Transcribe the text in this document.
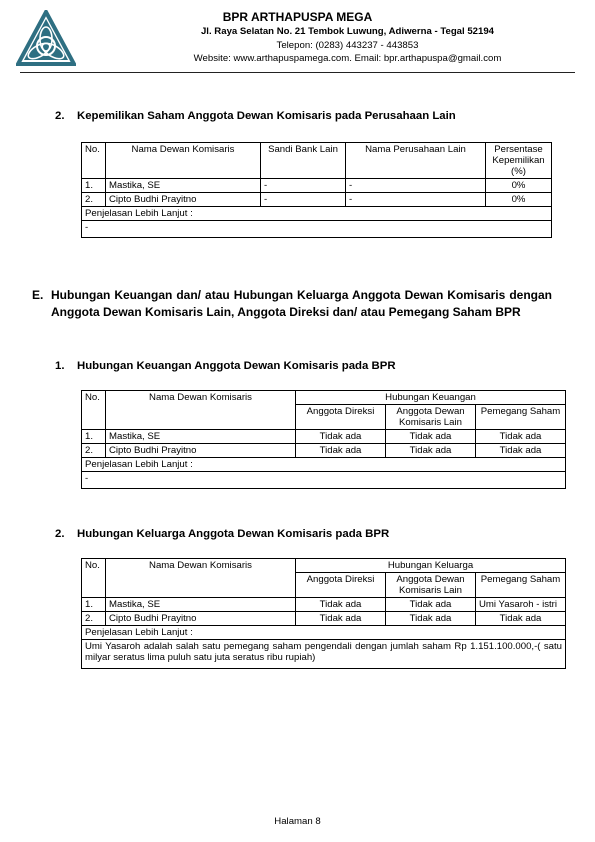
BPR ARTHAPUSPA MEGA
Jl. Raya Selatan No. 21 Tembok Luwung, Adiwerna - Tegal 52194
Telepon: (0283) 443237 - 443853
Website: www.arthapuspamega.com. Email: bpr.arthapuspa@gmail.com
2. Kepemilikan Saham Anggota Dewan Komisaris pada Perusahaan Lain
No.	Nama Dewan Komisaris	Sandi Bank Lain	Nama Perusahaan Lain	Persentase Kepemilikan (%)
1.	Mastika, SE	-	-	0%
2.	Cipto Budhi Prayitno	-	-	0%
Penjelasan Lebih Lanjut :				
-				
E. Hubungan Keuangan dan/ atau Hubungan Keluarga Anggota Dewan Komisaris dengan Anggota Dewan Komisaris Lain, Anggota Direksi dan/ atau Pemegang Saham BPR
1. Hubungan Keuangan Anggota Dewan Komisaris pada BPR
No.	Nama Dewan Komisaris	Hubungan Keuangan		
		Anggota Direksi	Anggota Dewan Komisaris Lain	Pemegang Saham
1.	Mastika, SE	Tidak ada	Tidak ada	Tidak ada
2.	Cipto Budhi Prayitno	Tidak ada	Tidak ada	Tidak ada
Penjelasan Lebih Lanjut :				
-				
2. Hubungan Keluarga Anggota Dewan Komisaris pada BPR
No.	Nama Dewan Komisaris	Hubungan Keluarga		
		Anggota Direksi	Anggota Dewan Komisaris Lain	Pemegang Saham
1.	Mastika, SE	Tidak ada	Tidak ada	Umi Yasaroh - istri
2.	Cipto Budhi Prayitno	Tidak ada	Tidak ada	Tidak ada
Penjelasan Lebih Lanjut :				
Umi Yasaroh adalah salah satu pemegang saham pengendali dengan jumlah saham Rp 1.151.100.000,-( satu milyar seratus lima puluh satu juta seratus ribu rupiah)				
Halaman 8
